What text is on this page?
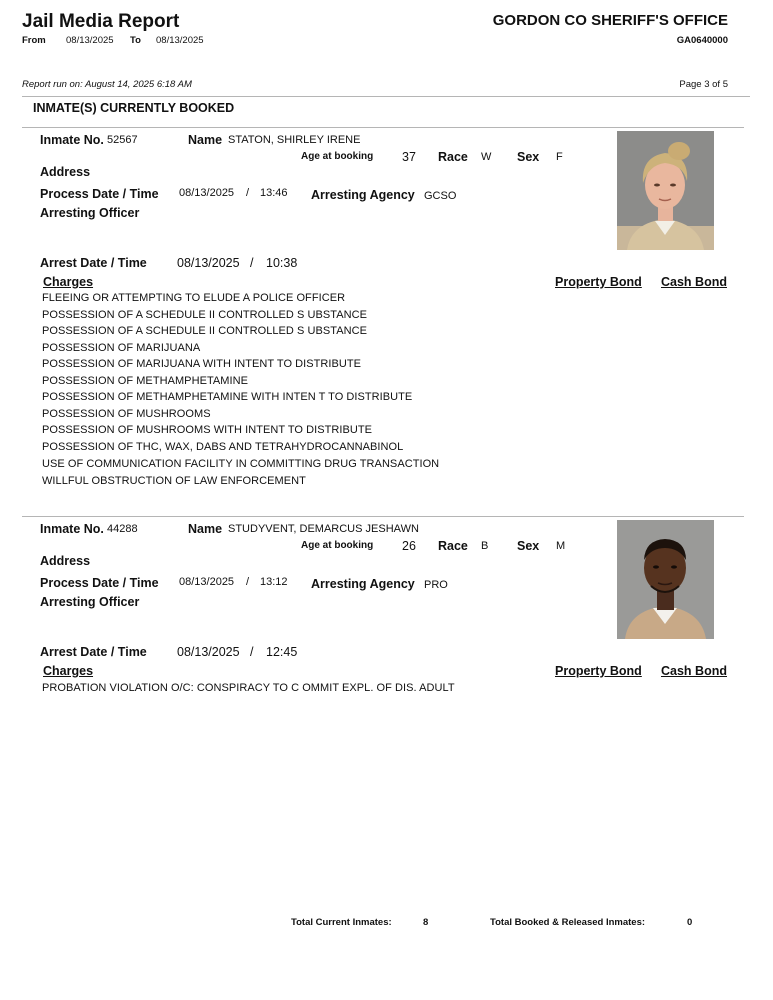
Jail Media Report
From 08/13/2025 To 08/13/2025
GORDON CO SHERIFF'S OFFICE
GA0640000
Report run on: August 14, 2025 6:18 AM	Page 3 of 5
INMATE(S) CURRENTLY BOOKED
Inmate No. 52567	Name STATON, SHIRLEY IRENE
Age at booking 37 Race W Sex F
Address
Process Date / Time 08/13/2025 / 13:46 Arresting Agency GCSO
Arresting Officer
Arrest Date / Time 08/13/2025 / 10:38
Charges	Property Bond Cash Bond
FLEEING OR ATTEMPTING TO ELUDE A POLICE OFFICER
POSSESSION OF A SCHEDULE II CONTROLLED S UBSTANCE
POSSESSION OF A SCHEDULE II CONTROLLED S UBSTANCE
POSSESSION OF MARIJUANA
POSSESSION OF MARIJUANA WITH INTENT TO DISTRIBUTE
POSSESSION OF METHAMPHETAMINE
POSSESSION OF METHAMPHETAMINE WITH INTEN T TO DISTRIBUTE
POSSESSION OF MUSHROOMS
POSSESSION OF MUSHROOMS WITH INTENT TO DISTRIBUTE
POSSESSION OF THC, WAX, DABS AND TETRAHYDROCANNABINOL
USE OF COMMUNICATION FACILITY IN COMMITTING DRUG TRANSACTION
WILLFUL OBSTRUCTION OF LAW ENFORCEMENT
Inmate No. 44288	Name STUDYVENT, DEMARCUS JESHAWN
Age at booking 26 Race B Sex M
Address
Process Date / Time 08/13/2025 / 13:12 Arresting Agency PRO
Arresting Officer
Arrest Date / Time 08/13/2025 / 12:45
Charges	Property Bond Cash Bond
PROBATION VIOLATION O/C: CONSPIRACY TO C OMMIT EXPL. OF DIS. ADULT
Total Current Inmates:	8	Total Booked & Released Inmates:	0
